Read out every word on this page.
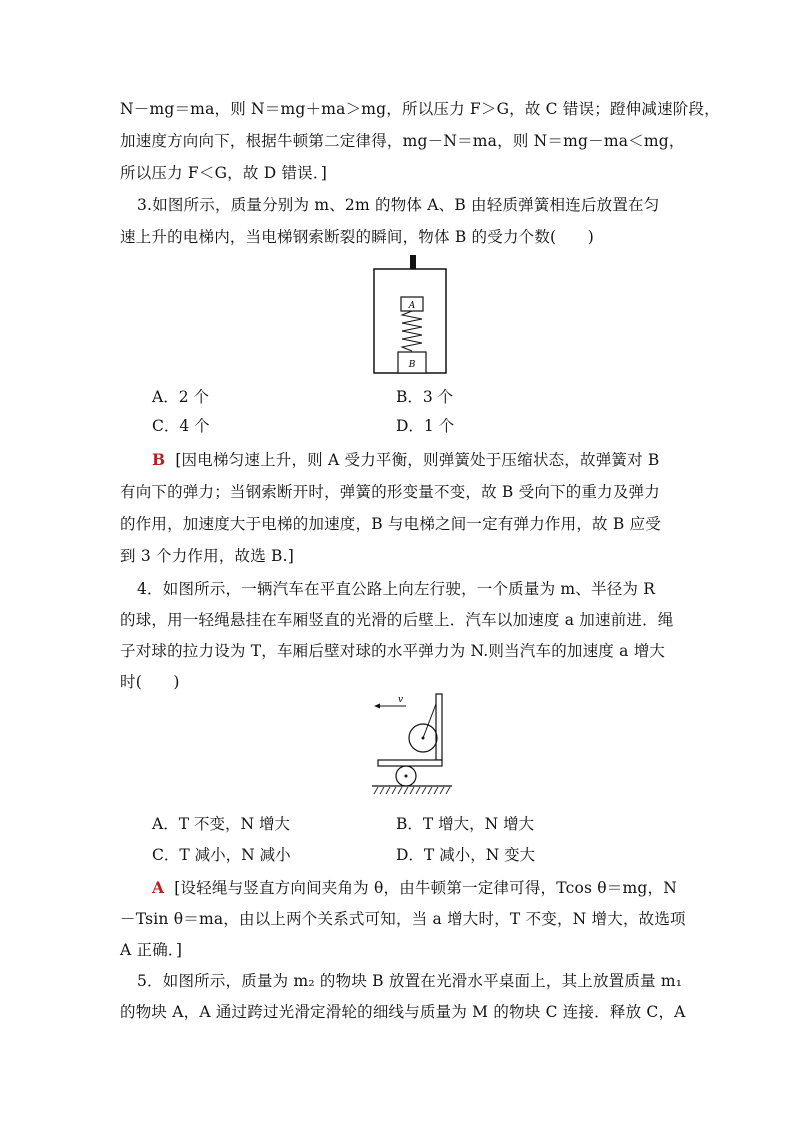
N－mg＝ma，则 N＝mg＋ma＞mg，所以压力 F＞G，故 C 错误；蹬伸减速阶段，
加速度方向向下，根据牛顿第二定律得，mg－N＝ma，则 N＝mg－ma＜mg，
所以压力 F＜G，故 D 错误．]
3.如图所示，质量分别为 m、2m 的物体 A、B 由轻质弹簧相连后放置在匀
速上升的电梯内，当电梯钢索断裂的瞬间，物体 B 的受力个数(　　)
A
B
A．2 个	B．3 个
C．4 个	D．1 个
B [因电梯匀速上升，则 A 受力平衡，则弹簧处于压缩状态，故弹簧对 B
有向下的弹力；当钢索断开时，弹簧的形变量不变，故 B 受向下的重力及弹力
的作用，加速度大于电梯的加速度，B 与电梯之间一定有弹力作用，故 B 应受
到 3 个力作用，故选 B.]
4．如图所示，一辆汽车在平直公路上向左行驶，一个质量为 m、半径为 R
的球，用一轻绳悬挂在车厢竖直的光滑的后壁上．汽车以加速度 a 加速前进．绳
子对球的拉力设为 T，车厢后壁对球的水平弹力为 N.则当汽车的加速度 a 增大
时(　　)
v
A．T 不变，N 增大	B．T 增大，N 增大
C．T 减小，N 减小	D．T 减小，N 变大
A [设轻绳与竖直方向间夹角为 θ，由牛顿第一定律可得，Tcos θ＝mg，N
－Tsin θ＝ma，由以上两个关系式可知，当 a 增大时，T 不变，N 增大，故选项
A 正确．]
5．如图所示，质量为 m₂ 的物块 B 放置在光滑水平桌面上，其上放置质量 m₁
的物块 A，A 通过跨过光滑定滑轮的细线与质量为 M 的物块 C 连接．释放 C，A
